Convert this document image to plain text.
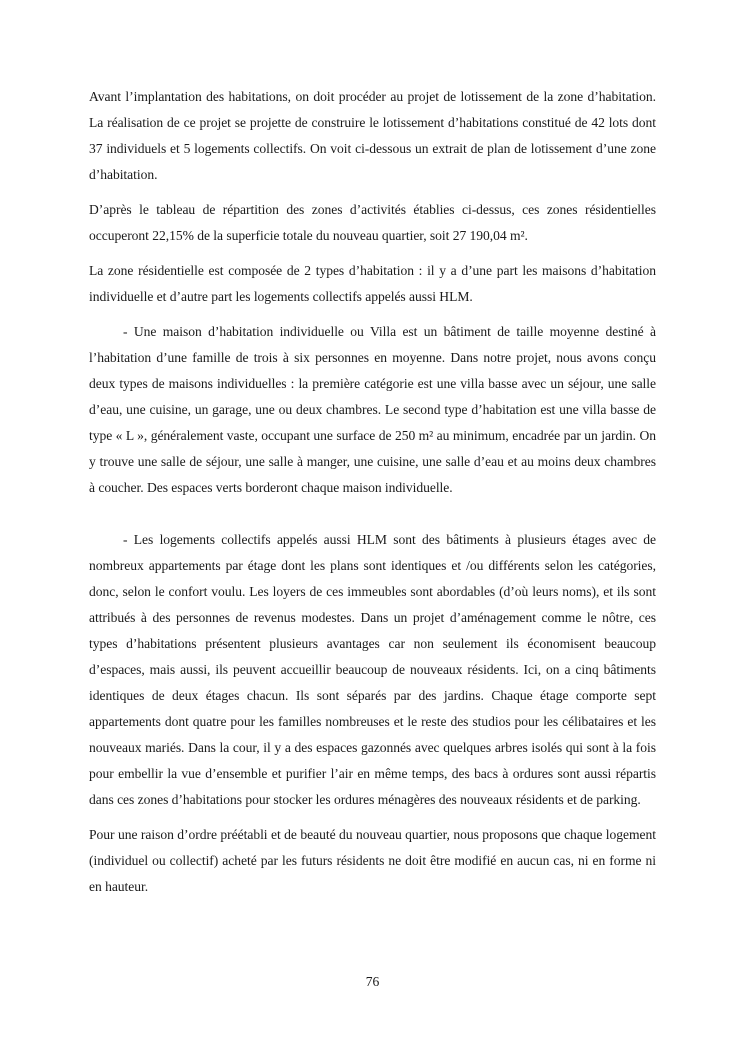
Avant l’implantation des habitations, on doit procéder au projet de lotissement de la zone d’habitation. La réalisation de ce projet se projette de construire le lotissement d’habitations constitué de 42 lots dont 37 individuels et 5 logements collectifs. On voit ci-dessous un extrait de plan de lotissement d’une zone d’habitation.

D’après le tableau de répartition des zones d’activités établies ci-dessus, ces zones résidentielles occuperont 22,15% de la superficie totale du nouveau quartier, soit 27 190,04 m².

La zone résidentielle est composée de 2 types d’habitation : il y a d’une part les maisons d’habitation individuelle et d’autre part les logements collectifs appelés aussi HLM.

- Une maison d’habitation individuelle ou Villa est un bâtiment de taille moyenne destiné à l’habitation d’une famille de trois à six personnes en moyenne. Dans notre projet, nous avons conçu deux types de maisons individuelles : la première catégorie est une villa basse avec un séjour, une salle d’eau, une cuisine, un garage, une ou deux chambres. Le second type d’habitation est une villa basse de type « L », généralement vaste, occupant une surface de 250 m² au minimum, encadrée par un jardin. On y trouve une salle de séjour, une salle à manger, une cuisine, une salle d’eau et au moins deux chambres à coucher. Des espaces verts borderont chaque maison individuelle.

- Les logements collectifs appelés aussi HLM sont des bâtiments à plusieurs étages avec de nombreux appartements par étage dont les plans sont identiques et /ou différents selon les catégories, donc, selon le confort voulu. Les loyers de ces immeubles sont abordables (d’où leurs noms), et ils sont attribués à des personnes de revenus modestes. Dans un projet d’aménagement comme le nôtre, ces types d’habitations présentent plusieurs avantages car non seulement ils économisent beaucoup d’espaces, mais aussi, ils peuvent accueillir beaucoup de nouveaux résidents. Ici, on a cinq bâtiments identiques de deux étages chacun. Ils sont séparés par des jardins. Chaque étage comporte sept appartements dont quatre pour les familles nombreuses et le reste des studios pour les célibataires et les nouveaux mariés. Dans la cour, il y a des espaces gazonnés avec quelques arbres isolés qui sont à la fois pour embellir la vue d’ensemble et purifier l’air en même temps, des bacs à ordures sont aussi répartis dans ces zones d’habitations pour stocker les ordures ménagères des nouveaux résidents et de parking.

Pour une raison d’ordre préétabli et de beauté du nouveau quartier, nous proposons que chaque logement (individuel ou collectif) acheté par les futurs résidents ne doit être modifié en aucun cas, ni en forme ni en hauteur.

76
